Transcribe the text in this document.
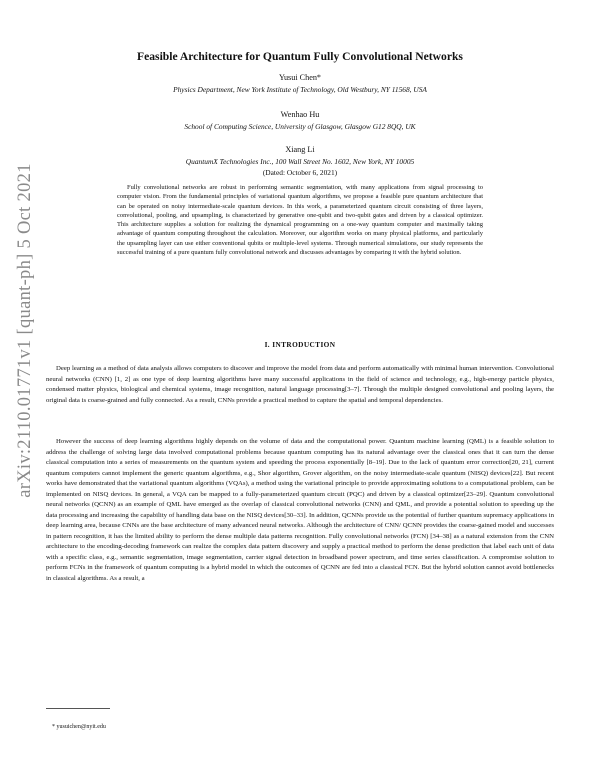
arXiv:2110.01771v1 [quant-ph] 5 Oct 2021
Feasible Architecture for Quantum Fully Convolutional Networks
Yusui Chen*
Physics Department, New York Institute of Technology, Old Westbury, NY 11568, USA
Wenhao Hu
School of Computing Science, University of Glasgow, Glasgow G12 8QQ, UK
Xiang Li
QuantumX Technologies Inc., 100 Wall Street No. 1602, New York, NY 10005
(Dated: October 6, 2021)
Fully convolutional networks are robust in performing semantic segmentation, with many applications from signal processing to computer vision. From the fundamental principles of variational quantum algorithms, we propose a feasible pure quantum architecture that can be operated on noisy intermediate-scale quantum devices. In this work, a parameterized quantum circuit consisting of three layers, convolutional, pooling, and upsampling, is characterized by generative one-qubit and two-qubit gates and driven by a classical optimizer. This architecture supplies a solution for realizing the dynamical programming on a one-way quantum computer and maximally taking advantage of quantum computing throughout the calculation. Moreover, our algorithm works on many physical platforms, and particularly the upsampling layer can use either conventional qubits or multiple-level systems. Through numerical simulations, our study represents the successful training of a pure quantum fully convolutional network and discusses advantages by comparing it with the hybrid solution.
I. INTRODUCTION
Deep learning as a method of data analysis allows computers to discover and improve the model from data and perform automatically with minimal human intervention. Convolutional neural networks (CNN) [1, 2] as one type of deep learning algorithms have many successful applications in the field of science and technology, e.g., high-energy particle physics, condensed matter physics, biological and chemical systems, image recognition, natural language processing[3–7]. Through the multiple designed convolutional and pooling layers, the original data is coarse-grained and fully connected. As a result, CNNs provide a practical method to capture the spatial and temporal dependencies.
However the success of deep learning algorithms highly depends on the volume of data and the computational power. Quantum machine learning (QML) is a feasible solution to address the challenge of solving large data involved computational problems because quantum computing has its natural advantage over the classical ones that it can turn the dense classical computation into a series of measurements on the quantum system and speeding the process exponentially [8–19]. Due to the lack of quantum error correction[20, 21], current quantum computers cannot implement the generic quantum algorithms, e.g., Shor algorithm, Grover algorithm, on the noisy intermediate-scale quantum (NISQ) devices[22]. But recent works have demonstrated that the variational quantum algorithms (VQAs), a method using the variational principle to provide approximating solutions to a computational problem, can be implemented on NISQ devices. In general, a VQA can be mapped to a fully-parameterized quantum circuit (PQC) and driven by a classical optimizer[23–29]. Quantum convolutional neural networks (QCNN) as an example of QML have emerged as the overlap of classical convolutional networks (CNN) and QML, and provide a potential solution to speeding up the data processing and increasing the capability of handling data base on the NISQ devices[30–33]. In addition, QCNNs provide us the potential of further quantum supremacy applications in deep learning area, because CNNs are the base architecture of many advanced neural networks. Although the architecture of CNN/ QCNN provides the coarse-gained model and successes in pattern recognition, it has the limited ability to perform the dense multiple data patterns recognition. Fully convolutional networks (FCN) [34–38] as a natural extension from the CNN architecture to the encoding-decoding framework can realize the complex data pattern discovery and supply a practical method to perform the dense prediction that label each unit of data with a specific class, e.g., semantic segmentation, image segmentation, carrier signal detection in broadband power spectrum, and time series classification. A compromise solution to perform FCNs in the framework of quantum computing is a hybrid model in which the outcomes of QCNN are fed into a classical FCN. But the hybrid solution cannot avoid bottlenecks in classical algorithms. As a result, a
* yusuichen@nyit.edu
